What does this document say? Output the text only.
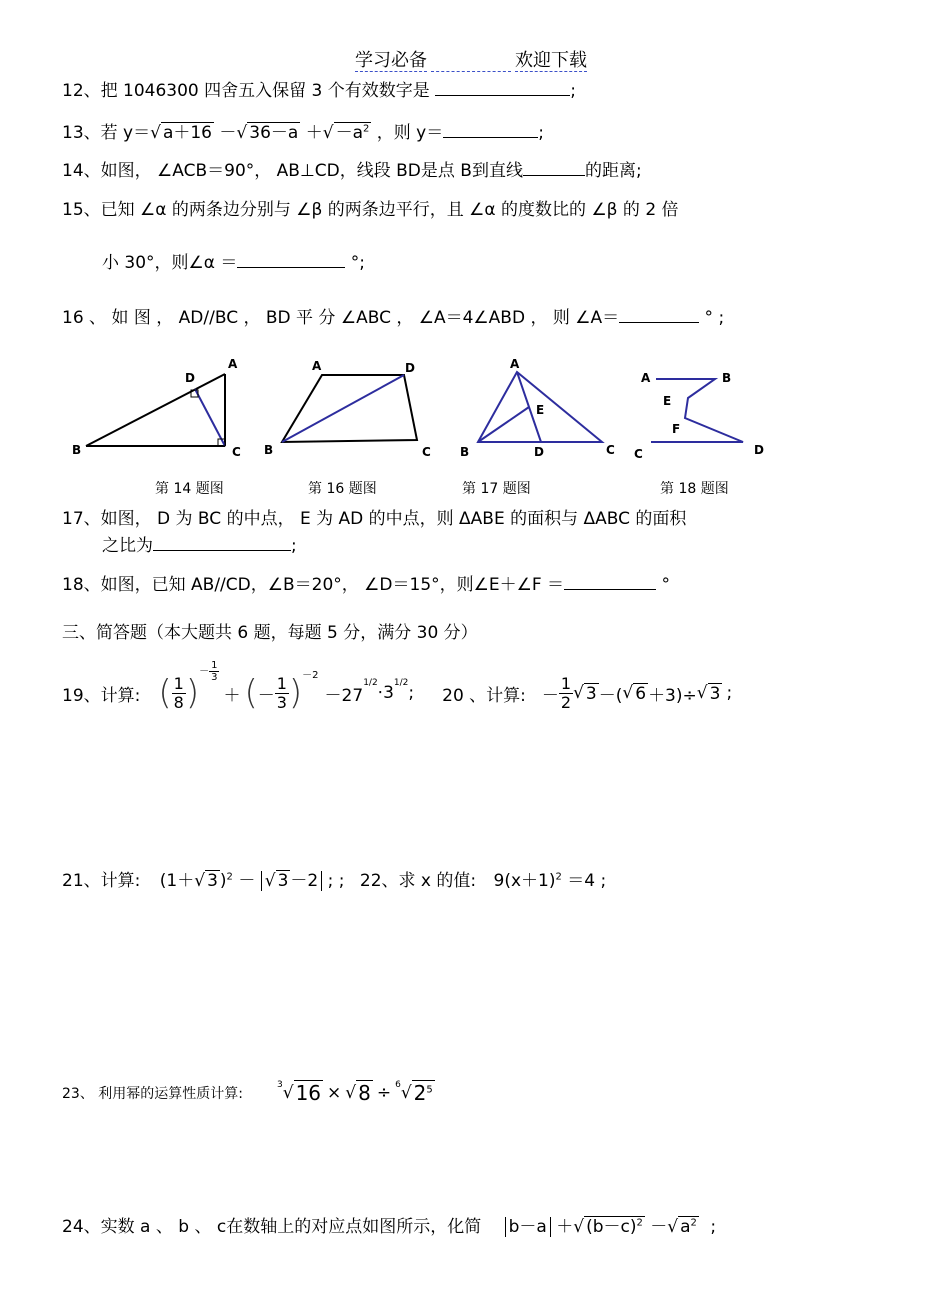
学习必备	欢迎下载
12、把 1046300 四舍五入保留 3 个有效数字是	;
13、若 y＝√ a＋16 －√ 36－a ＋√ $-a^2$ ，则 y＝	;
14、如图， ∠ACB＝90°， AB⊥CD，线段 BD是点 B到直线	的距离;
15、已知 ∠α 的两条边分别与 ∠β 的两条边平行，且 ∠α 的度数比的 ∠β 的 2 倍
小 30°，则∠α ＝	°;
16 、 如 图 ， AD//BC ， BD 平 分 ∠ABC ， ∠A＝4∠ABD ， 则 ∠A＝	° ;
A
D
B	C
A	D
B	C
A
E
B	D	C
A	B
E
F
C	D
第 14 题图	第 16 题图	第 17 题图	第 18 题图
17、如图， D 为 BC 的中点， E 为 AD 的中点，则 ΔABE 的面积与 ΔABC 的面积
之比为	;
18、如图，已知 AB//CD，∠B＝20°， ∠D＝15°，则∠E＋∠F ＝	°
三、简答题（本大题共 6 题，每题 5 分，满分 30 分）
19、计算: ( $\frac{1}{8}$ )
－ $\frac{1}{3}$
＋ ( － $\frac{1}{3}$ ) －2
－27
1/2 ⋅ 3 1/2 ; 20 、计算: － $\frac{1}{2}$ √ 3 －( √ 6 ＋3)÷ √ 3 ;
21、计算: (1＋√ 3 )$^2$ － √ 3 －2 ; ; 22、求 x 的值: $9(x+1)^2 =4$ ;
23、 利用幂的运算性质计算:
3 √ 16 × √ 8 ÷ 6 √ $2^5$
24、实数 a 、 b 、 c在数轴上的对应点如图所示，化简 b－a ＋√ $(b-c)^2$ －√ $a^2$ ;
